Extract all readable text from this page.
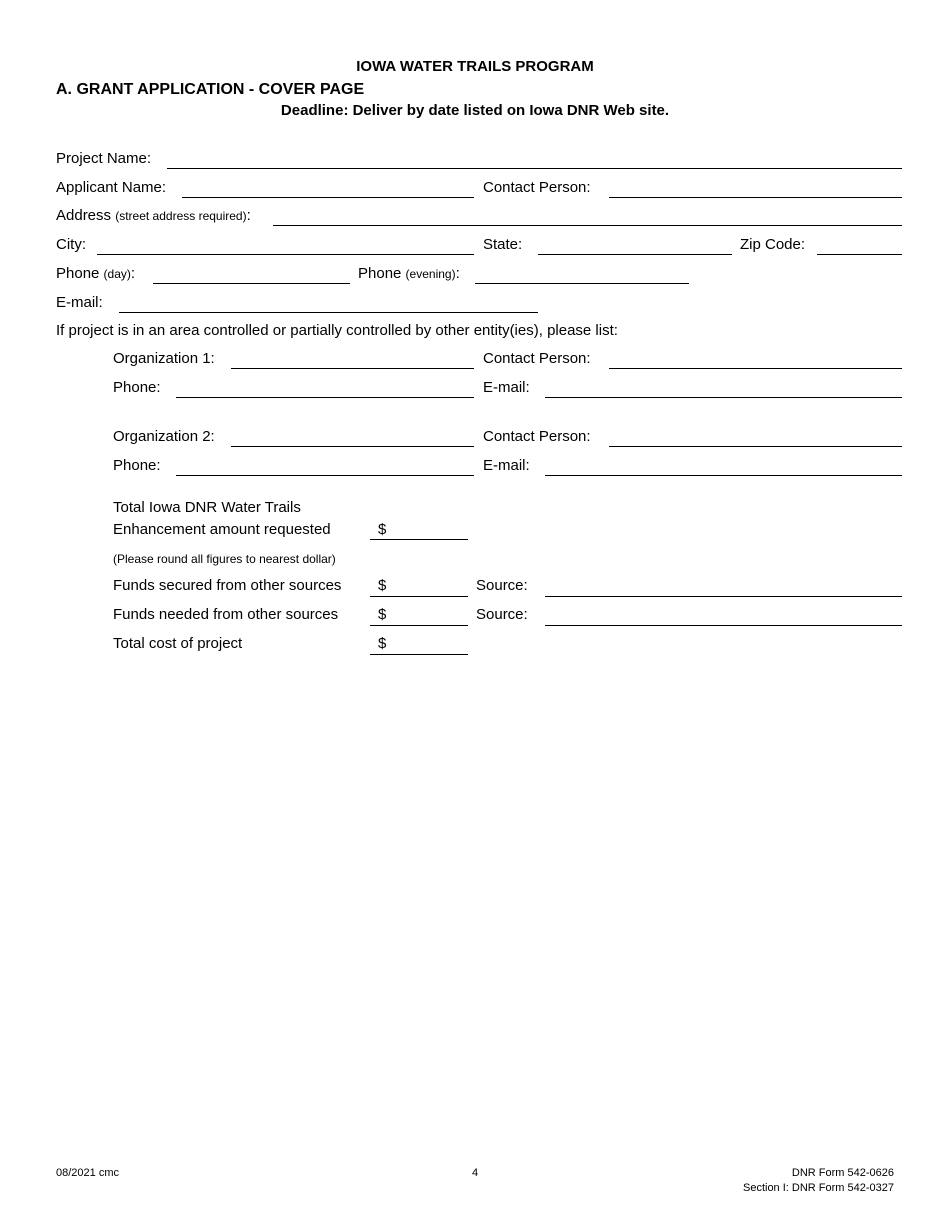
IOWA WATER TRAILS PROGRAM
A. GRANT APPLICATION - COVER PAGE
Deadline: Deliver by date listed on Iowa DNR Web site.
Project Name:
Applicant Name:	Contact Person:
Address (street address required):
City:	State:	Zip Code:
Phone (day):	Phone (evening):
E-mail:
If project is in an area controlled or partially controlled by other entity(ies), please list:
Organization 1:	Contact Person:
Phone:	E-mail:
Organization 2:	Contact Person:
Phone:	E-mail:
Total Iowa DNR Water Trails
Enhancement amount requested	$
(Please round all figures to nearest dollar)
Funds secured from other sources $	Source:
Funds needed from other sources	$	Source:
Total cost of project	$
08/2021 cmc	4	DNR Form 542-0626
Section I: DNR Form 542-0327
